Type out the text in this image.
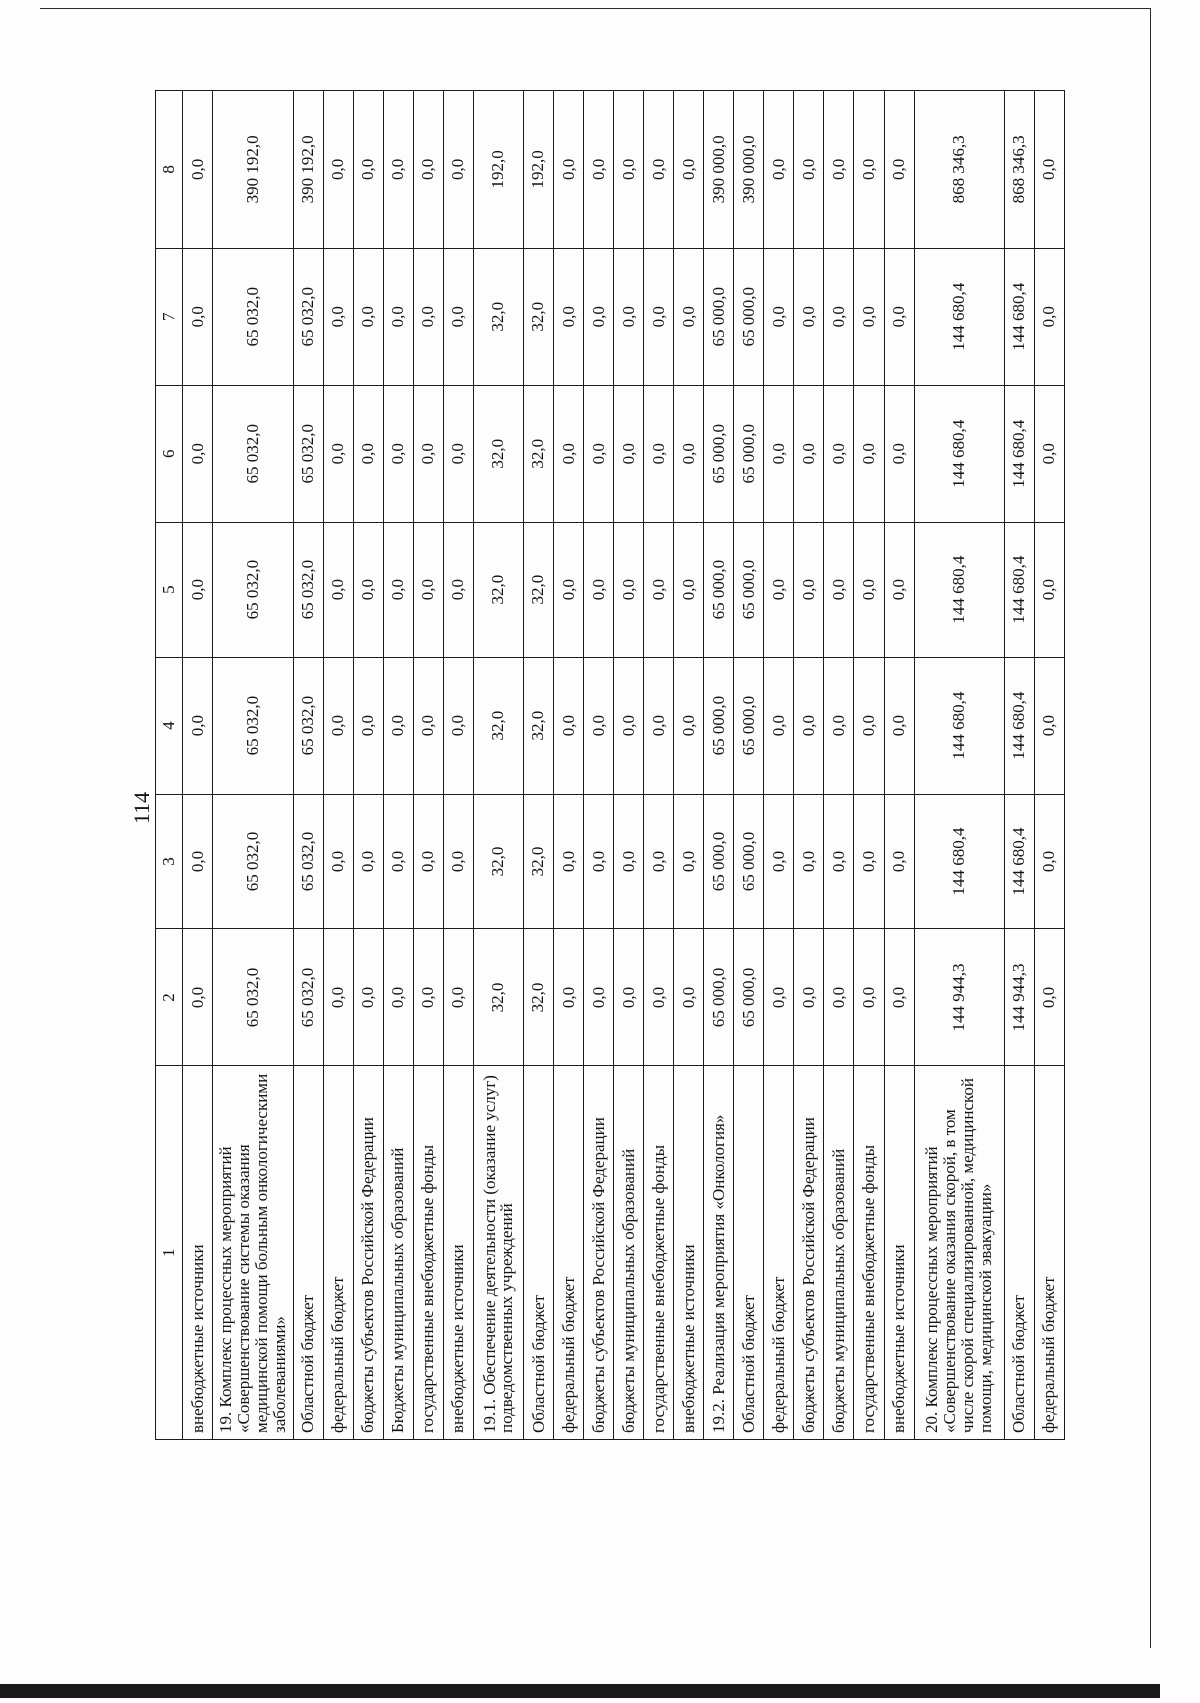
114
1	2	3	4	5	6	7	8
внебюджетные источники	0,0	0,0	0,0	0,0	0,0	0,0	0,0
19. Комплекс процессных мероприятий «Совершенствование системы оказания медицинской помощи больным онкологическими заболеваниями»	65 032,0	65 032,0	65 032,0	65 032,0	65 032,0	65 032,0	390 192,0
Областной бюджет	65 032,0	65 032,0	65 032,0	65 032,0	65 032,0	65 032,0	390 192,0
федеральный бюджет	0,0	0,0	0,0	0,0	0,0	0,0	0,0
бюджеты субъектов Российской Федерации	0,0	0,0	0,0	0,0	0,0	0,0	0,0
Бюджеты муниципальных образований	0,0	0,0	0,0	0,0	0,0	0,0	0,0
государственные внебюджетные фонды	0,0	0,0	0,0	0,0	0,0	0,0	0,0
внебюджетные источники	0,0	0,0	0,0	0,0	0,0	0,0	0,0
19.1. Обеспечение деятельности (оказание услуг) подведомственных учреждений	32,0	32,0	32,0	32,0	32,0	32,0	192,0
Областной бюджет	32,0	32,0	32,0	32,0	32,0	32,0	192,0
федеральный бюджет	0,0	0,0	0,0	0,0	0,0	0,0	0,0
бюджеты субъектов Российской Федерации	0,0	0,0	0,0	0,0	0,0	0,0	0,0
бюджеты муниципальных образований	0,0	0,0	0,0	0,0	0,0	0,0	0,0
государственные внебюджетные фонды	0,0	0,0	0,0	0,0	0,0	0,0	0,0
внебюджетные источники	0,0	0,0	0,0	0,0	0,0	0,0	0,0
19.2. Реализация мероприятия «Онкология»	65 000,0	65 000,0	65 000,0	65 000,0	65 000,0	65 000,0	390 000,0
Областной бюджет	65 000,0	65 000,0	65 000,0	65 000,0	65 000,0	65 000,0	390 000,0
федеральный бюджет	0,0	0,0	0,0	0,0	0,0	0,0	0,0
бюджеты субъектов Российской Федерации	0,0	0,0	0,0	0,0	0,0	0,0	0,0
бюджеты муниципальных образований	0,0	0,0	0,0	0,0	0,0	0,0	0,0
государственные внебюджетные фонды	0,0	0,0	0,0	0,0	0,0	0,0	0,0
внебюджетные источники	0,0	0,0	0,0	0,0	0,0	0,0	0,0
20. Комплекс процессных мероприятий «Совершенствование оказания скорой, в том числе скорой специализированной, медицинской помощи, медицинской эвакуации»	144 944,3	144 680,4	144 680,4	144 680,4	144 680,4	144 680,4	868 346,3
Областной бюджет	144 944,3	144 680,4	144 680,4	144 680,4	144 680,4	144 680,4	868 346,3
федеральный бюджет	0,0	0,0	0,0	0,0	0,0	0,0	0,0
